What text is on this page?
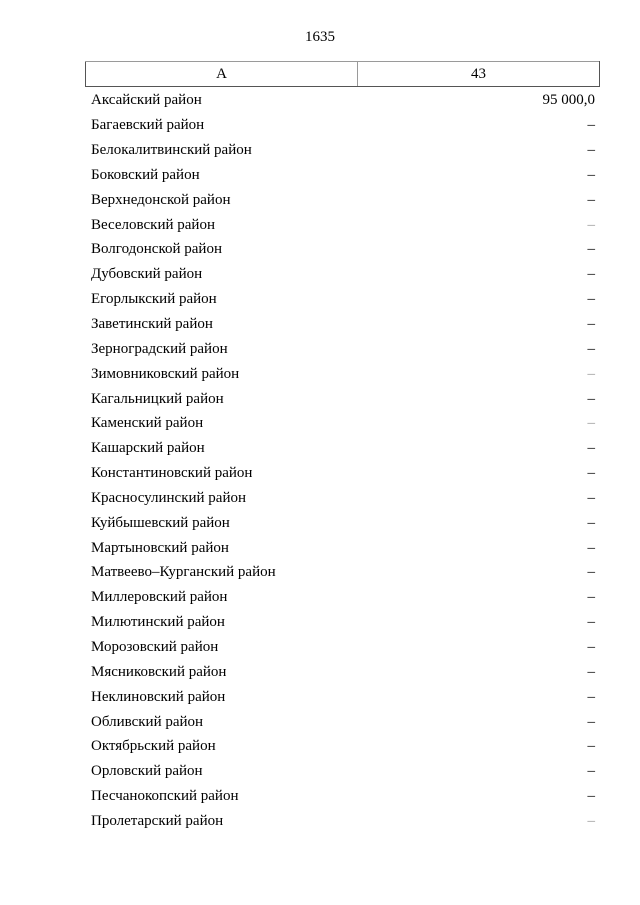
1635
А	43
Аксайский район	95 000,0
Багаевский район	–
Белокалитвинский район	–
Боковский район	–
Верхнедонской район	–
Веселовский район	–
Волгодонской район	–
Дубовский район	–
Егорлыкский район	–
Заветинский район	–
Зерноградский район	–
Зимовниковский район	–
Кагальницкий район	–
Каменский район	–
Кашарский район	–
Константиновский район	–
Красносулинский район	–
Куйбышевский район	–
Мартыновский район	–
Матвеево–Курганский район	–
Миллеровский район	–
Милютинский район	–
Морозовский район	–
Мясниковский район	–
Неклиновский район	–
Обливский район	–
Октябрьский район	–
Орловский район	–
Песчанокопский район	–
Пролетарский район	–
